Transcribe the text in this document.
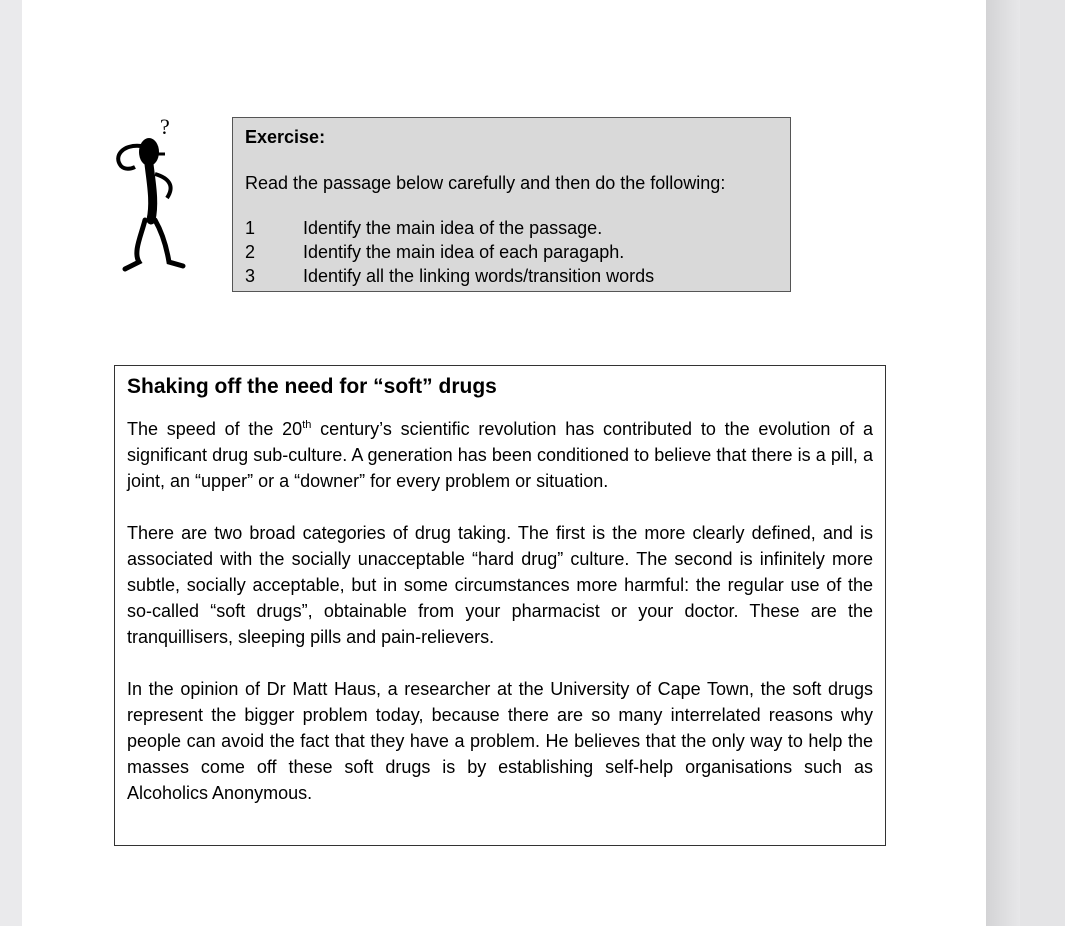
?	Exercise:

Read the passage below carefully and then do the following:

1	Identify the main idea of the passage.
2	Identify the main idea of each paragaph.
3	Identify all the linking words/transition words
Shaking off the need for “soft” drugs

The speed of the 20th century’s scientific revolution has contributed to the evolution of a significant drug sub-culture. A generation has been conditioned to believe that there is a pill, a joint, an “upper” or a “downer” for every problem or situation.

There are two broad categories of drug taking. The first is the more clearly defined, and is associated with the socially unacceptable “hard drug” culture. The second is infinitely more subtle, socially acceptable, but in some circumstances more harmful: the regular use of the so-called “soft drugs”, obtainable from your pharmacist or your doctor. These are the tranquillisers, sleeping pills and pain-relievers.

In the opinion of Dr Matt Haus, a researcher at the University of Cape Town, the soft drugs represent the bigger problem today, because there are so many interrelated reasons why people can avoid the fact that they have a problem. He believes that the only way to help the masses come off these soft drugs is by establishing self-help organisations such as Alcoholics Anonymous.
